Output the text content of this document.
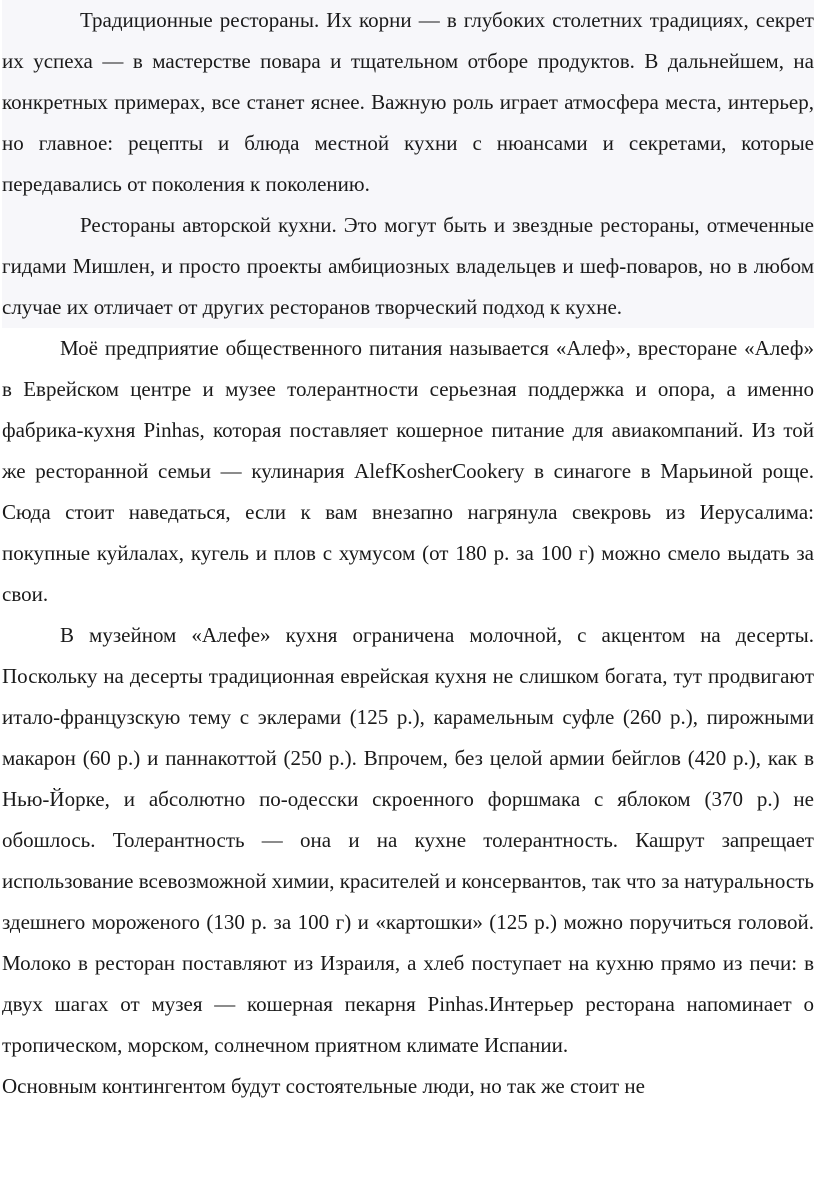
Традиционные рестораны. Их корни — в глубоких столетних традициях, секрет их успеха — в мастерстве повара и тщательном отборе продуктов. В дальнейшем, на конкретных примерах, все станет яснее. Важную роль играет атмосфера места, интерьер, но главное: рецепты и блюда местной кухни с нюансами и секретами, которые передавались от поколения к поколению.

Рестораны авторской кухни. Это могут быть и звездные рестораны, отмеченные гидами Мишлен, и просто проекты амбициозных владельцев и шеф-поваров, но в любом случае их отличает от других ресторанов творческий подход к кухне.

Моё предприятие общественного питания называется «Алеф», вресторане «Алеф» в Еврейском центре и музее толерантности серьезная поддержка и опора, а именно фабрика-кухня Pinhas, которая поставляет кошерное питание для авиакомпаний. Из той же ресторанной семьи — кулинария AlefKosherCookery в синагоге в Марьиной роще. Сюда стоит наведаться, если к вам внезапно нагрянула свекровь из Иерусалима: покупные куйлалах, кугель и плов с хумусом (от 180 р. за 100 г) можно смело выдать за свои.

В музейном «Алефе» кухня ограничена молочной, с акцентом на десерты. Поскольку на десерты традиционная еврейская кухня не слишком богата, тут продвигают итало-французскую тему с эклерами (125 р.), карамельным суфле (260 р.), пирожными макарон (60 р.) и паннакоттой (250 р.). Впрочем, без целой армии бейглов (420 р.), как в Нью-Йорке, и абсолютно по-одесски скроенного форшмака с яблоком (370 р.) не обошлось. Толерантность — она и на кухне толерантность. Кашрут запрещает использование всевозможной химии, красителей и консервантов, так что за натуральность здешнего мороженого (130 р. за 100 г) и «картошки» (125 р.) можно поручиться головой. Молоко в ресторан поставляют из Израиля, а хлеб поступает на кухню прямо из печи: в двух шагах от музея — кошерная пекарня Pinhas.Интерьер ресторана напоминает о тропическом, морском, солнечном приятном климате Испании.

Основным контингентом будут состоятельные люди, но так же стоит не
